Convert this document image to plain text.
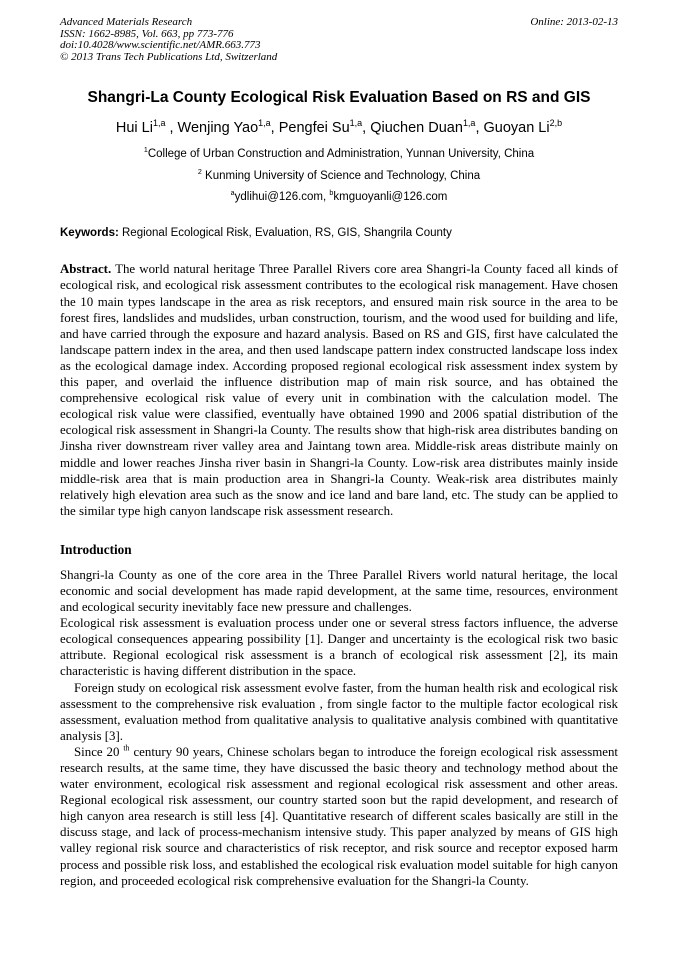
Advanced Materials Research
ISSN: 1662-8985, Vol. 663, pp 773-776
doi:10.4028/www.scientific.net/AMR.663.773
© 2013 Trans Tech Publications Ltd, Switzerland
Online: 2013-02-13
Shangri-La County Ecological Risk Evaluation Based on RS and GIS
Hui Li$^{1,a}$ , Wenjing Yao$^{1,a}$, Pengfei Su$^{1,a}$, Qiuchen Duan$^{1,a}$, Guoyan Li$^{2,b}$
$^1$College of Urban Construction and Administration, Yunnan University, China
$^2$ Kunming University of Science and Technology, China
$^a$ydlihui@126.com, $^b$kmguoyanli@126.com
Keywords: Regional Ecological Risk, Evaluation, RS, GIS, Shangrila County
Abstract. The world natural heritage Three Parallel Rivers core area Shangri-la County faced all kinds of ecological risk, and ecological risk assessment contributes to the ecological risk management. Have chosen the 10 main types landscape in the area as risk receptors, and ensured main risk source in the area to be forest fires, landslides and mudslides, urban construction, tourism, and the wood used for building and life, and have carried through the exposure and hazard analysis. Based on RS and GIS, first have calculated the landscape pattern index in the area, and then used landscape pattern index constructed landscape loss index as the ecological damage index. According proposed regional ecological risk assessment index system by this paper, and overlaid the influence distribution map of main risk source, and has obtained the comprehensive ecological risk value of every unit in combination with the calculation model. The ecological risk value were classified, eventually have obtained 1990 and 2006 spatial distribution of the ecological risk assessment in Shangri-la County. The results show that high-risk area distributes banding on Jinsha river downstream river valley area and Jaintang town area. Middle-risk areas distribute mainly on middle and lower reaches Jinsha river basin in Shangri-la County. Low-risk area distributes mainly inside middle-risk area that is main production area in Shangri-la County. Weak-risk area distributes mainly relatively high elevation area such as the snow and ice land and bare land, etc. The study can be applied to the similar type high canyon landscape risk assessment research.
Introduction

Shangri-la County as one of the core area in the Three Parallel Rivers world natural heritage, the local economic and social development has made rapid development, at the same time, resources, environment and ecological security inevitably face new pressure and challenges.

Ecological risk assessment is evaluation process under one or several stress factors influence, the adverse ecological consequences appearing possibility [1]. Danger and uncertainty is the ecological risk two basic attribute. Regional ecological risk assessment is a branch of ecological risk assessment [2], its main characteristic is having different distribution in the space.

Foreign study on ecological risk assessment evolve faster, from the human health risk and ecological risk assessment to the comprehensive risk evaluation , from single factor to the multiple factor ecological risk assessment, evaluation method from qualitative analysis to qualitative analysis combined with quantitative analysis [3].

Since 20 $^{th}$ century 90 years, Chinese scholars began to introduce the foreign ecological risk assessment research results, at the same time, they have discussed the basic theory and technology method about the water environment, ecological risk assessment and regional ecological risk assessment and other areas. Regional ecological risk assessment, our country started soon but the rapid development, and research of high canyon area research is still less [4]. Quantitative research of different scales basically are still in the discuss stage, and lack of process-mechanism intensive study. This paper analyzed by means of GIS high valley regional risk source and characteristics of risk receptor, and risk source and receptor exposed harm process and possible risk loss, and established the ecological risk evaluation model suitable for high canyon region, and proceeded ecological risk comprehensive evaluation for the Shangri-la County.
